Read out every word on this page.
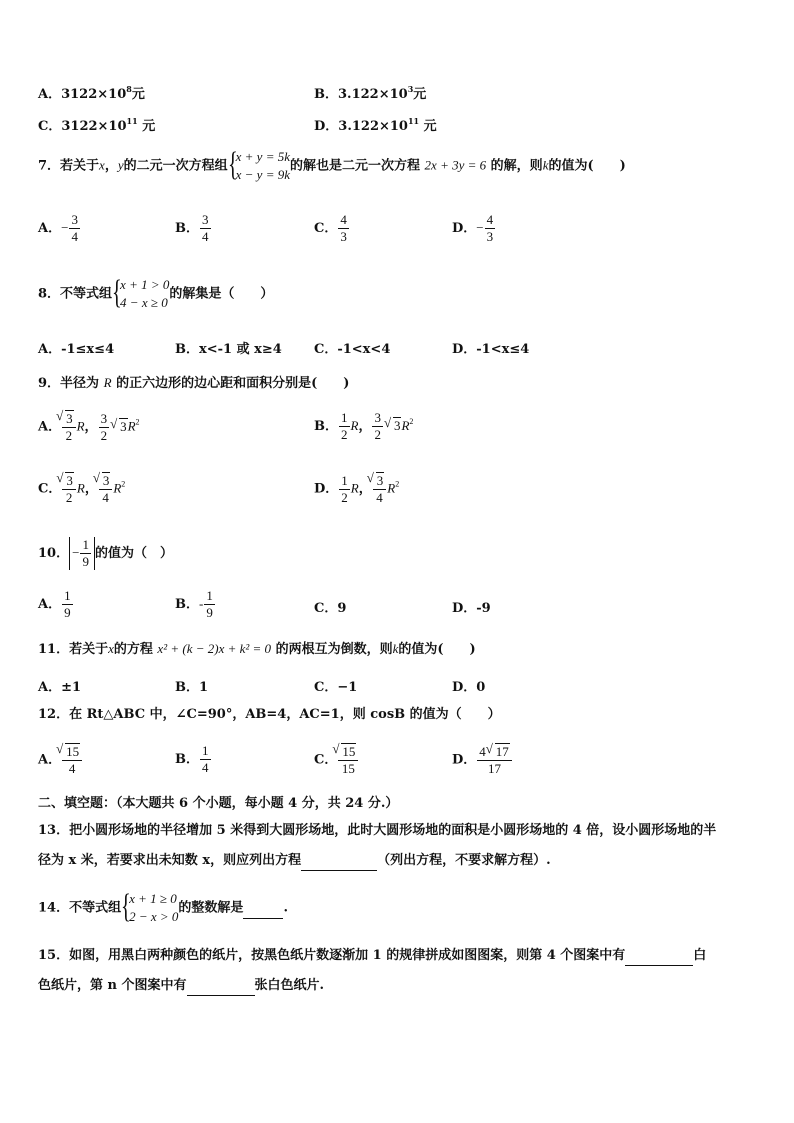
A．$3122\times 10^8$元	B．$3.122\times 10^3$元
C．$3122\times 10^{11}$ 元	D．$3.122\times 10^{11}$ 元
7．若关于x，y的二元一次方程组 {
x + y = 5k
x − y = 9k
的解也是二元一次方程 2x + 3y = 6 的解，则k的值为(　　)
A．− $\frac{3}{4}$	B． $\frac{3}{4}$	C． $\frac{4}{3}$	D．− $\frac{4}{3}$
8．不等式组 {
x + 1 > 0
4 − x ≥ 0
的解集是（　　）
A．-1≤x≤4	B．x<-1 或 x≥4 C．-1<x<4	D．-1<x≤4
9．半径为 R 的正六边形的边心距和面积分别是(　　)
A． √ $\frac{3}{2}$ R， $\frac{3}{2}$ √ $3R^2$	B． $\frac{1}{2}$ R， $\frac{3}{2}$ √ $3R^2$
C． √ $\frac{3}{2}$ R， √ $\frac{3}{4} R^2$	D． $\frac{1}{2}$ R， √ $\frac{3}{4} R^2$
10． − $\frac{1}{9}$ 的值为（　）
A． $\frac{1}{9}$	B．- $\frac{1}{9}$	C．9	D．-9
11．若关于x的方程 x² + (k − 2)x + k² = 0 的两根互为倒数，则k的值为(　　)
A．±1	B．1	C．−1	D．0
12．在 Rt△ABC 中，∠C=90°，AB=4，AC=1，则 cosB 的值为（　　）
A． √ $\frac{15}{4}$	B． $\frac{1}{4}$	C． √ $\frac{15}{15}$	D． $\frac{4 √ 17}{17}$
二、填空题：（本大题共 6 个小题，每小题 4 分，共 24 分.）
13．把小圆形场地的半径增加 5 米得到大圆形场地，此时大圆形场地的面积是小圆形场地的 4 倍，设小圆形场地的半
径为 x 米，若要求出未知数 x，则应列出方程	（列出方程，不要求解方程）.
14．不等式组 {
x + 1 ≥ 0
2 − x > 0
的整数解是	.
15．如图，用黑白两种颜色的纸片，按黑色纸片数逐渐加 1 的规律拼成如图图案，则第 4 个图案中有	白
色纸片，第 n 个图案中有	张白色纸片.
